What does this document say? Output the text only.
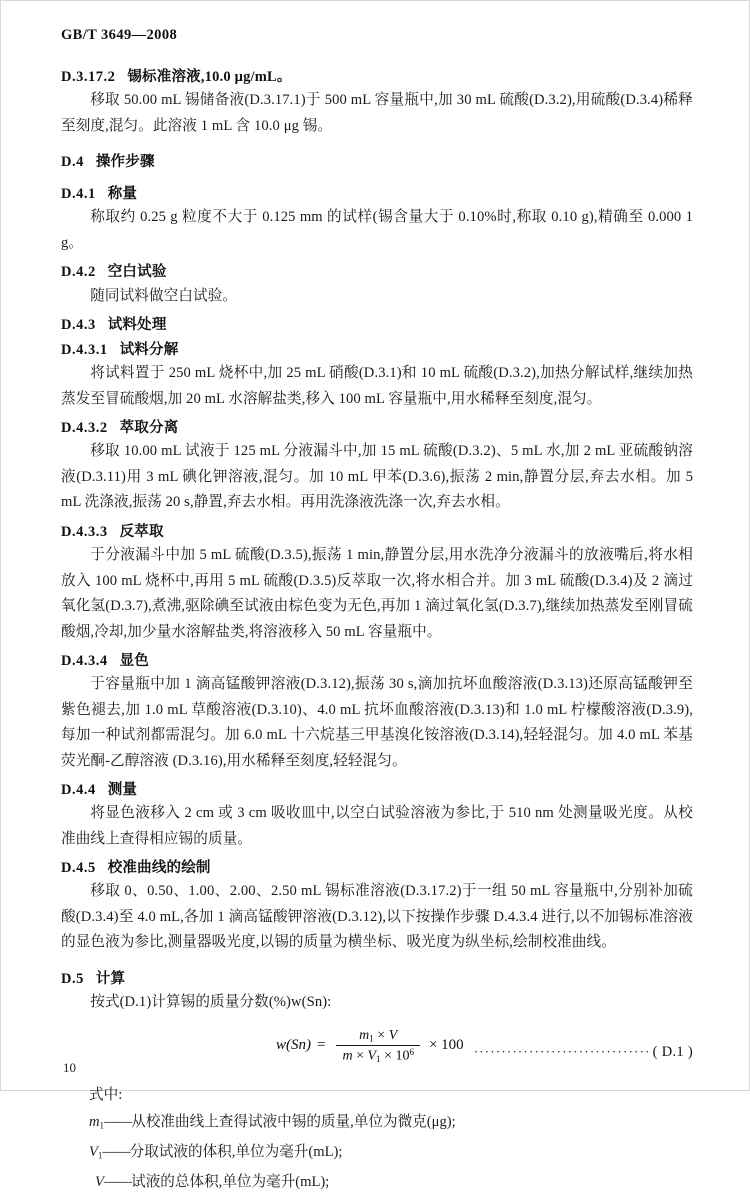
GB/T 3649—2008
D.3.17.2 锡标准溶液,10.0 μg/mL。
移取 50.00 mL 锡储备液(D.3.17.1)于 500 mL 容量瓶中,加 30 mL 硫酸(D.3.2),用硫酸(D.3.4)稀释至刻度,混匀。此溶液 1 mL 含 10.0 μg 锡。
D.4 操作步骤
D.4.1 称量
称取约 0.25 g 粒度不大于 0.125 mm 的试样(锡含量大于 0.10%时,称取 0.10 g),精确至 0.000 1 g。
D.4.2 空白试验
随同试料做空白试验。
D.4.3 试料处理
D.4.3.1 试料分解
将试料置于 250 mL 烧杯中,加 25 mL 硝酸(D.3.1)和 10 mL 硫酸(D.3.2),加热分解试样,继续加热蒸发至冒硫酸烟,加 20 mL 水溶解盐类,移入 100 mL 容量瓶中,用水稀释至刻度,混匀。
D.4.3.2 萃取分离
移取 10.00 mL 试液于 125 mL 分液漏斗中,加 15 mL 硫酸(D.3.2)、5 mL 水,加 2 mL 亚硫酸钠溶液(D.3.11)用 3 mL 碘化钾溶液,混匀。加 10 mL 甲苯(D.3.6),振荡 2 min,静置分层,弃去水相。加 5 mL 洗涤液,振荡 20 s,静置,弃去水相。再用洗涤液洗涤一次,弃去水相。
D.4.3.3 反萃取
于分液漏斗中加 5 mL 硫酸(D.3.5),振荡 1 min,静置分层,用水洗净分液漏斗的放液嘴后,将水相放入 100 mL 烧杯中,再用 5 mL 硫酸(D.3.5)反萃取一次,将水相合并。加 3 mL 硫酸(D.3.4)及 2 滴过氧化氢(D.3.7),煮沸,驱除碘至试液由棕色变为无色,再加 1 滴过氧化氢(D.3.7),继续加热蒸发至刚冒硫酸烟,冷却,加少量水溶解盐类,将溶液移入 50 mL 容量瓶中。
D.4.3.4 显色
于容量瓶中加 1 滴高锰酸钾溶液(D.3.12),振荡 30 s,滴加抗坏血酸溶液(D.3.13)还原高锰酸钾至紫色褪去,加 1.0 mL 草酸溶液(D.3.10)、4.0 mL 抗坏血酸溶液(D.3.13)和 1.0 mL 柠檬酸溶液(D.3.9),每加一种试剂都需混匀。加 6.0 mL 十六烷基三甲基溴化铵溶液(D.3.14),轻轻混匀。加 4.0 mL 苯基荧光酮-乙醇溶液 (D.3.16),用水稀释至刻度,轻轻混匀。
D.4.4 测量
将显色液移入 2 cm 或 3 cm 吸收皿中,以空白试验溶液为参比,于 510 nm 处测量吸光度。从校准曲线上查得相应锡的质量。
D.4.5 校准曲线的绘制
移取 0、0.50、1.00、2.00、2.50 mL 锡标准溶液(D.3.17.2)于一组 50 mL 容量瓶中,分别补加硫酸(D.3.4)至 4.0 mL,各加 1 滴高锰酸钾溶液(D.3.12),以下按操作步骤 D.4.3.4 进行,以不加锡标准溶液的显色液为参比,测量器吸光度,以锡的质量为横坐标、吸光度为纵坐标,绘制校准曲线。
D.5 计算
按式(D.1)计算锡的质量分数(%)w(Sn):
$w(Sn) = \frac{m_1 \times V}{m \times V_1 \times 10^6} \times 100$ ································ ( D.1 )
式中:
$m_1——$从校准曲线上查得试液中锡的质量,单位为微克(μg);
$V_1——$分取试液的体积,单位为毫升(mL);
V——试液的总体积,单位为毫升(mL);
10
